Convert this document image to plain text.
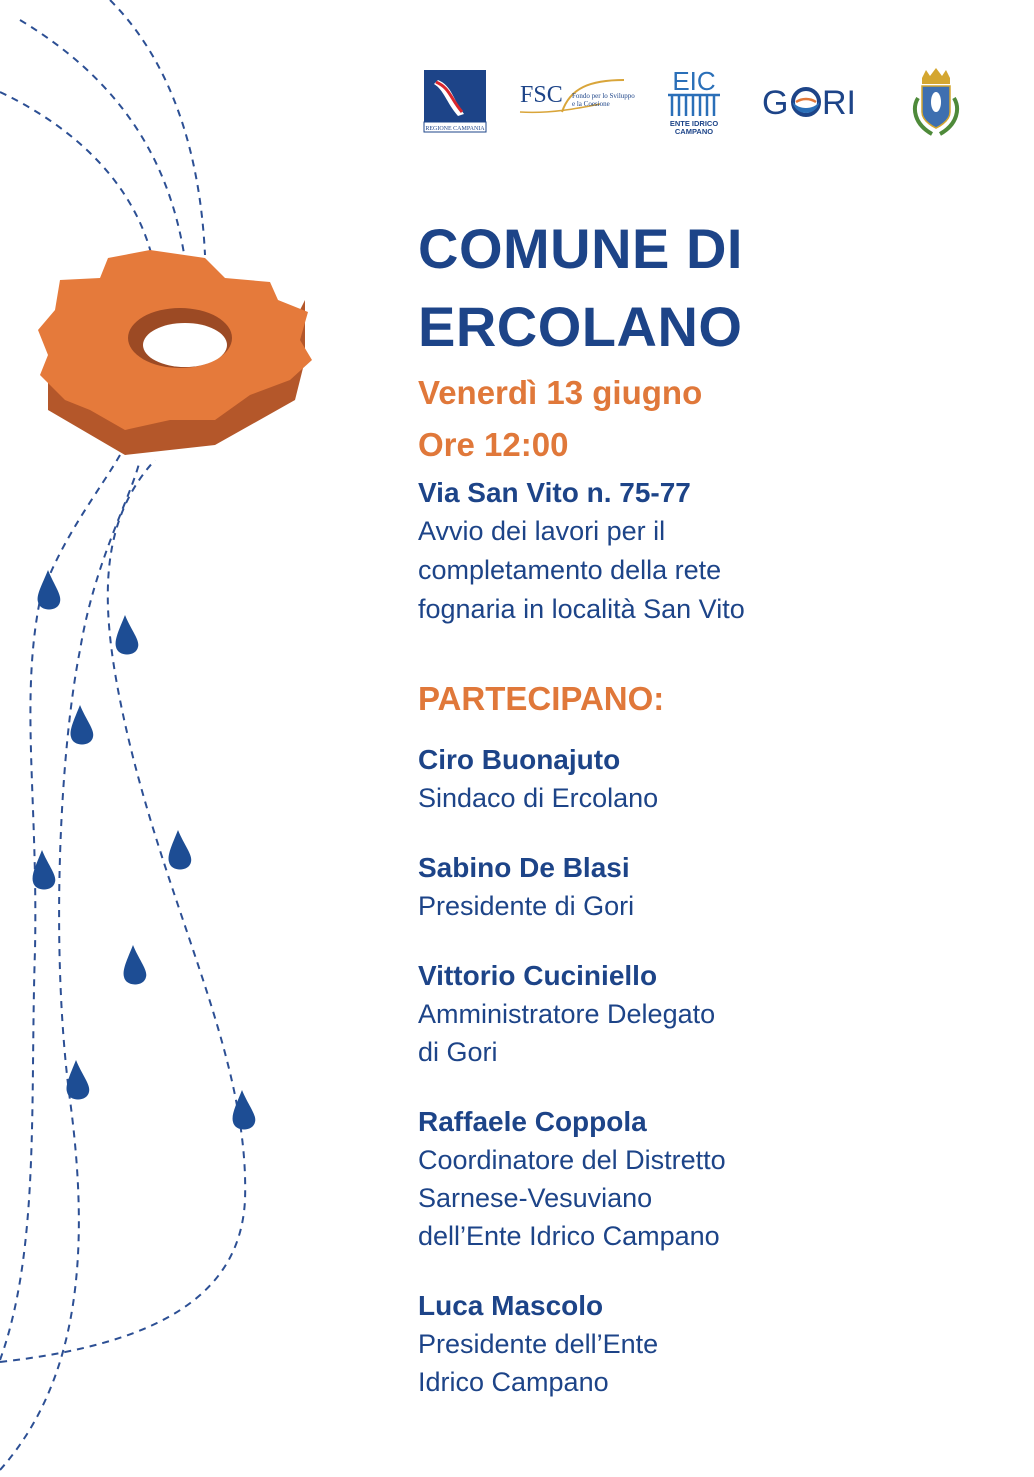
REGIONE CAMPANIA
FSC Fondo per lo Sviluppo
e la Coesione
EIC
ENTE IDRICO
CAMPANO
G RI
COMUNE DI
ERCOLANO
Venerdì 13 giugno
Ore 12:00
Via San Vito n. 75-77
Avvio dei lavori per il
completamento della rete
fognaria in località San Vito
PARTECIPANO:
Ciro Buonajuto
Sindaco di Ercolano
Sabino De Blasi
Presidente di Gori
Vittorio Cuciniello
Amministratore Delegato
di Gori
Raffaele Coppola
Coordinatore del Distretto
Sarnese-Vesuviano
dell’Ente Idrico Campano
Luca Mascolo
Presidente dell’Ente
Idrico Campano
